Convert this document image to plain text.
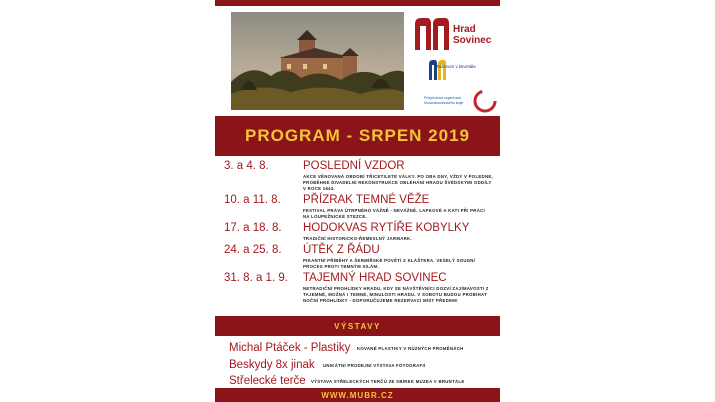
Hrad Sovinec
Muzeum v Bruntále
Příspěvková organizace Moravskoslezského kraje
PROGRAM - SRPEN 2019
3. a 4. 8.	POSLEDNÍ VZDOR
AKCE VĚNOVANÁ OBDOBÍ TŘICETILETÉ VÁLKY. PO OBA DNY, VŽDY V POLEDNE, PROBĚHNE DIVADELNÍ REKONSTRUKCE OBLÉHÁNÍ HRADU ŠVÉDSKÝMI ODDÍLY V ROCE 1643.
10. a 11. 8. PŘÍZRAK TEMNÉ VĚŽE
FESTIVAL PRÁVA ÚTRPNÉHO VÁŽNĚ - NEVÁŽNĚ. LAPKOVÉ A KATI PŘI PRÁCI NA LOUPEŽNICKÉ STEZCE.
17. a 18. 8. HODOKVAS RYTÍŘE KOBYLKY
TRADIČNÍ HISTORICKO-ŘEMESLNÝ JARMARK.
24. a 25. 8. ÚTĚK Z ŘÁDU
PIKANTNÍ PŘÍBĚHY A ŠERMÍŘSKÉ POVĚTÍ Z KLÁŠTERA. VESELÝ SOUDNÍ PROCES PROTI TEMNÝM SILÁM.
31. 8. a 1. 9. TAJEMNÝ HRAD SOVINEC
NETRADIČNÍ PROHLÍDKY HRADU, KDY SE NÁVŠTĚVNÍCI DOZVÍ ZAJÍMAVOSTI Z TAJEMNÉ, MOŽNÁ I TEMNÉ, MINULOSTI HRADU. V SOBOTU BUDOU PROBÍHAT NOČNÍ PROHLÍDKY - DOPORUČUJEME REZERVACI MÍST PŘEDEM!
VÝSTAVY
Michal Ptáček - Plastiky KOVANÉ PLASTIKY V RŮZNÝCH PROMĚNÁCH
Beskydy 8x jinak UNIKÁTNÍ PRODEJNÍ VÝSTAVA FOTOGRAFIÍ
Střelecké terče VÝSTAVA STŘELECKÝCH TERČŮ ZE SBÍREK MUZEA V BRUNTÁLE
WWW.MUBR.CZ
